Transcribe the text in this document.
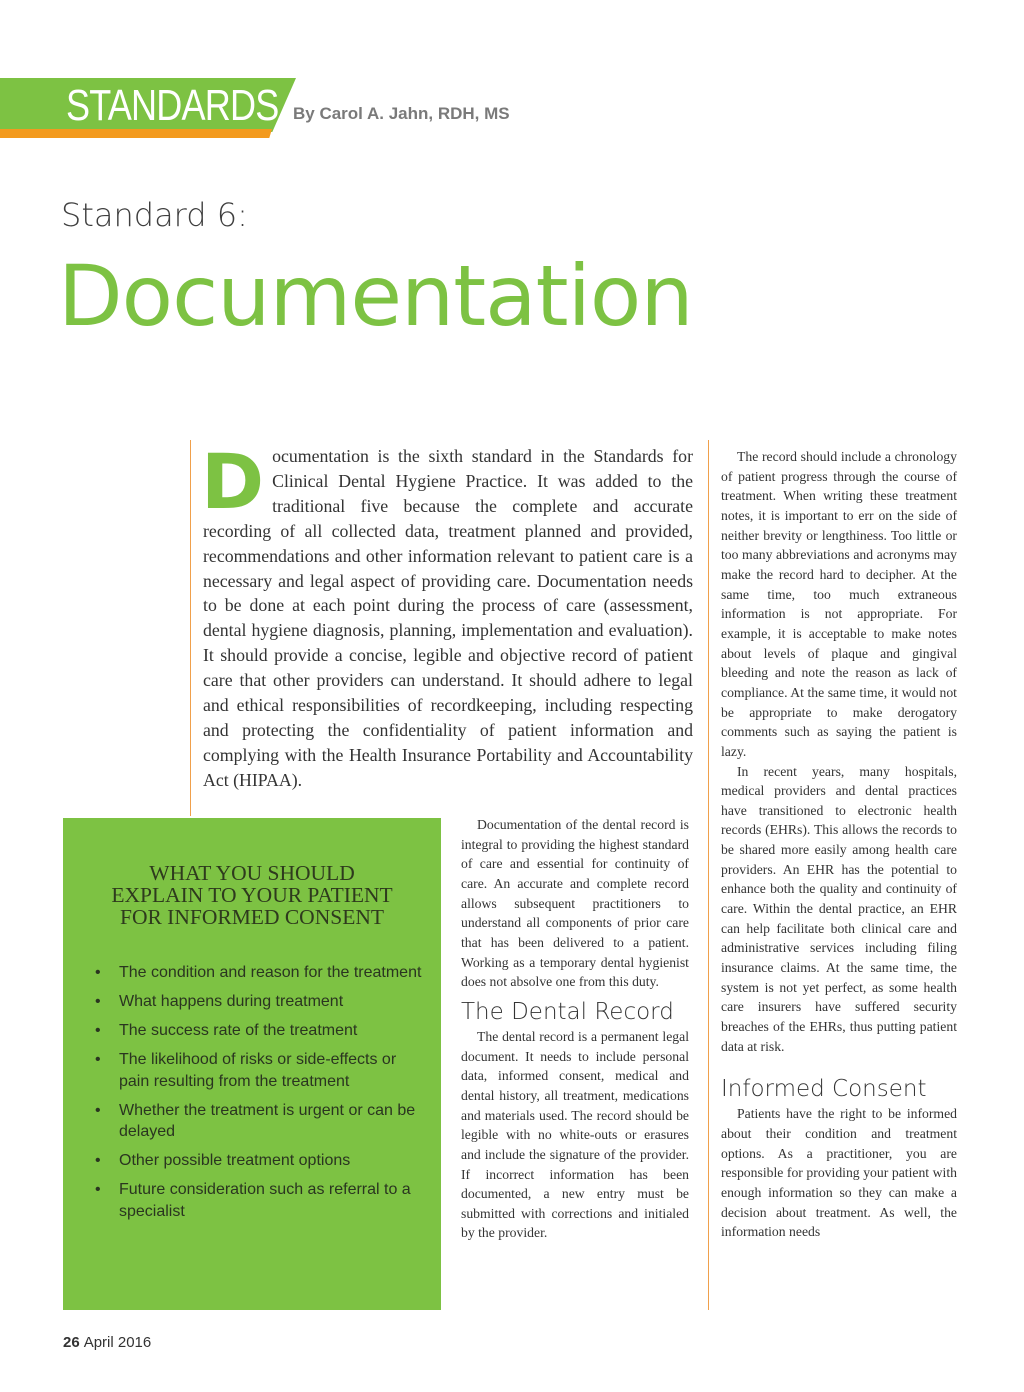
STANDARDS By Carol A. Jahn, RDH, MS
Standard 6:
Documentation
Documentation is the sixth standard in the Standards for Clinical Dental Hygiene Practice. It was added to the traditional five because the complete and accurate recording of all collected data, treatment planned and provided, recommendations and other information relevant to patient care is a necessary and legal aspect of providing care. Documentation needs to be done at each point during the process of care (assessment, dental hygiene diagnosis, planning, implementation and evaluation). It should provide a concise, legible and objective record of patient care that other providers can understand. It should adhere to legal and ethical responsibilities of recordkeeping, including respecting and protecting the confidentiality of patient information and complying with the Health Insurance Portability and Accountability Act (HIPAA).
WHAT YOU SHOULD
EXPLAIN TO YOUR PATIENT
FOR INFORMED CONSENT
• The condition and reason for the treatment
• What happens during treatment
• The success rate of the treatment
• The likelihood of risks or side-effects or pain resulting from the treatment
• Whether the treatment is urgent or can be delayed
• Other possible treatment options
• Future consideration such as referral to a specialist

Documentation of the dental record is integral to providing the highest standard of care and essential for continuity of care. An accurate and complete record allows subsequent practitioners to understand all components of prior care that has been delivered to a patient. Working as a temporary dental hygienist does not absolve one from this duty.

The Dental Record

The dental record is a permanent legal document. It needs to include personal data, informed consent, medical and dental history, all treatment, medications and materials used. The record should be legible with no white-outs or erasures and include the signature of the provider. If incorrect information has been documented, a new entry must be submitted with corrections and initialed by the provider.

The record should include a chronology of patient progress through the course of treatment. When writing these treatment notes, it is important to err on the side of neither brevity or lengthiness. Too little or too many abbreviations and acronyms may make the record hard to decipher. At the same time, too much extraneous information is not appropriate. For example, it is acceptable to make notes about levels of plaque and gingival bleeding and note the reason as lack of compliance. At the same time, it would not be appropriate to make derogatory comments such as saying the patient is lazy.

In recent years, many hospitals, medical providers and dental practices have transitioned to electronic health records (EHRs). This allows the records to be shared more easily among health care providers. An EHR has the potential to enhance both the quality and continuity of care. Within the dental practice, an EHR can help facilitate both clinical care and administrative services including filing insurance claims. At the same time, the system is not yet perfect, as some health care insurers have suffered security breaches of the EHRs, thus putting patient data at risk.

Informed Consent

Patients have the right to be informed about their condition and treatment options. As a practitioner, you are responsible for providing your patient with enough information so they can make a decision about treatment. As well, the information needs

26 April 2016
